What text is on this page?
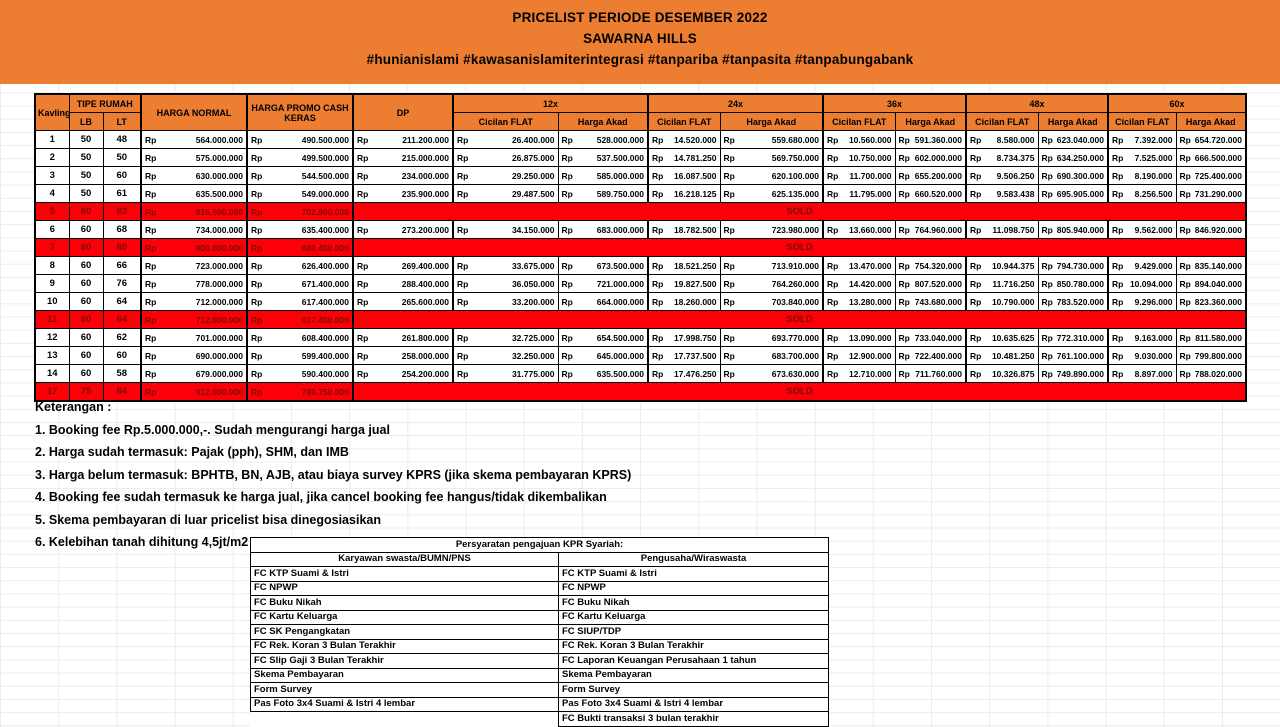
PRICELIST PERIODE DESEMBER 2022
SAWARNA HILLS
#hunianislami #kawasanislamiterintegrasi #tanpariba #tanpasita #tanpabungabank
Kavling	TIPE RUMAH		HARGA NORMAL	HARGA PROMO CASH KERAS	DP	12x		24x		36x		48x		60x	
	LB	LT				Cicilan FLAT	Harga Akad	Cicilan FLAT	Harga Akad	Cicilan FLAT	Harga Akad	Cicilan FLAT	Harga Akad	Cicilan FLAT	Harga Akad
1	50	48	Rp 564.000.000	Rp 490.500.000	Rp 211.200.000	Rp 26.400.000	Rp 528.000.000	Rp 14.520.000	Rp 559.680.000	Rp 10.560.000	Rp 591.360.000	Rp 8.580.000	Rp 623.040.000	Rp 7.392.000	Rp 654.720.000

2	50	50	Rp 575.000.000	Rp 499.500.000	Rp 215.000.000	Rp 26.875.000	Rp 537.500.000	Rp 14.781.250	Rp 569.750.000	Rp 10.750.000	Rp 602.000.000	Rp 8.734.375	Rp 634.250.000	Rp 7.525.000	Rp 666.500.000

3	50	60	Rp 630.000.000	Rp 544.500.000	Rp 234.000.000	Rp 29.250.000	Rp 585.000.000	Rp 16.087.500	Rp 620.100.000	Rp 11.700.000	Rp 655.200.000	Rp 9.506.250	Rp 690.300.000	Rp 8.190.000	Rp 725.400.000

4	50	61	Rp 635.500.000	Rp 549.000.000	Rp 235.900.000	Rp 29.487.500	Rp 589.750.000	Rp 16.218.125	Rp 625.135.000	Rp 11.795.000	Rp 660.520.000	Rp 9.583.438	Rp 695.905.000	Rp 8.256.500	Rp 731.290.000

5	60	83	Rp 816.500.000	Rp 702.900.000	SOLD										
6	60	68	Rp 734.000.000	Rp 635.400.000	Rp 273.200.000	Rp 34.150.000	Rp 683.000.000	Rp 18.782.500	Rp 723.980.000	Rp 13.660.000	Rp 764.960.000	Rp 11.098.750	Rp 805.940.000	Rp 9.562.000	Rp 846.920.000

7	60	80	Rp 800.000.000	Rp 689.400.000	SOLD										
8	60	66	Rp 723.000.000	Rp 626.400.000	Rp 269.400.000	Rp 33.675.000	Rp 673.500.000	Rp 18.521.250	Rp 713.910.000	Rp 13.470.000	Rp 754.320.000	Rp 10.944.375	Rp 794.730.000	Rp 9.429.000	Rp 835.140.000

9	60	76	Rp 778.000.000	Rp 671.400.000	Rp 288.400.000	Rp 36.050.000	Rp 721.000.000	Rp 19.827.500	Rp 764.260.000	Rp 14.420.000	Rp 807.520.000	Rp 11.716.250	Rp 850.780.000	Rp 10.094.000	Rp 894.040.000

10	60	64	Rp 712.000.000	Rp 617.400.000	Rp 265.600.000	Rp 33.200.000	Rp 664.000.000	Rp 18.260.000	Rp 703.840.000	Rp 13.280.000	Rp 743.680.000	Rp 10.790.000	Rp 783.520.000	Rp 9.296.000	Rp 823.360.000

11	60	64	Rp 712.000.000	Rp 617.400.000	SOLD										
12	60	62	Rp 701.000.000	Rp 608.400.000	Rp 261.800.000	Rp 32.725.000	Rp 654.500.000	Rp 17.998.750	Rp 693.770.000	Rp 13.090.000	Rp 733.040.000	Rp 10.635.625	Rp 772.310.000	Rp 9.163.000	Rp 811.580.000

13	60	60	Rp 690.000.000	Rp 599.400.000	Rp 258.000.000	Rp 32.250.000	Rp 645.000.000	Rp 17.737.500	Rp 683.700.000	Rp 12.900.000	Rp 722.400.000	Rp 10.481.250	Rp 761.100.000	Rp 9.030.000	Rp 799.800.000

14	60	58	Rp 679.000.000	Rp 590.400.000	Rp 254.200.000	Rp 31.775.000	Rp 635.500.000	Rp 17.476.250	Rp 673.630.000	Rp 12.710.000	Rp 711.760.000	Rp 10.326.875	Rp 749.890.000	Rp 8.897.000	Rp 788.020.000

17	75	84	Rp 912.000.000	Rp 789.750.000	SOLD										
Keterangan :
1. Booking fee Rp.5.000.000,-. Sudah mengurangi harga jual
2. Harga sudah termasuk: Pajak (pph), SHM, dan IMB
3. Harga belum termasuk: BPHTB, BN, AJB, atau biaya survey KPRS (jika skema pembayaran KPRS)
4. Booking fee sudah termasuk ke harga jual, jika cancel booking fee hangus/tidak dikembalikan
5. Skema pembayaran di luar pricelist bisa dinegosiasikan
6. Kelebihan tanah dihitung 4,5jt/m2	Persyaratan pengajuan KPR Syariah:	
Karyawan swasta/BUMN/PNS	Pengusaha/Wiraswasta
FC KTP Suami & Istri	FC KTP Suami & Istri
FC NPWP	FC NPWP
FC Buku Nikah	FC Buku Nikah
FC Kartu Keluarga	FC Kartu Keluarga
FC SK Pengangkatan	FC SIUP/TDP
FC Rek. Koran 3 Bulan Terakhir	FC Rek. Koran 3 Bulan Terakhir
FC Slip Gaji 3 Bulan Terakhir	FC Laporan Keuangan Perusahaan 1 tahun
Skema Pembayaran	Skema Pembayaran
Form Survey	Form Survey
Pas Foto 3x4 Suami & Istri 4 lembar	Pas Foto 3x4 Suami & Istri 4 lembar
	FC Bukti transaksi 3 bulan terakhir
